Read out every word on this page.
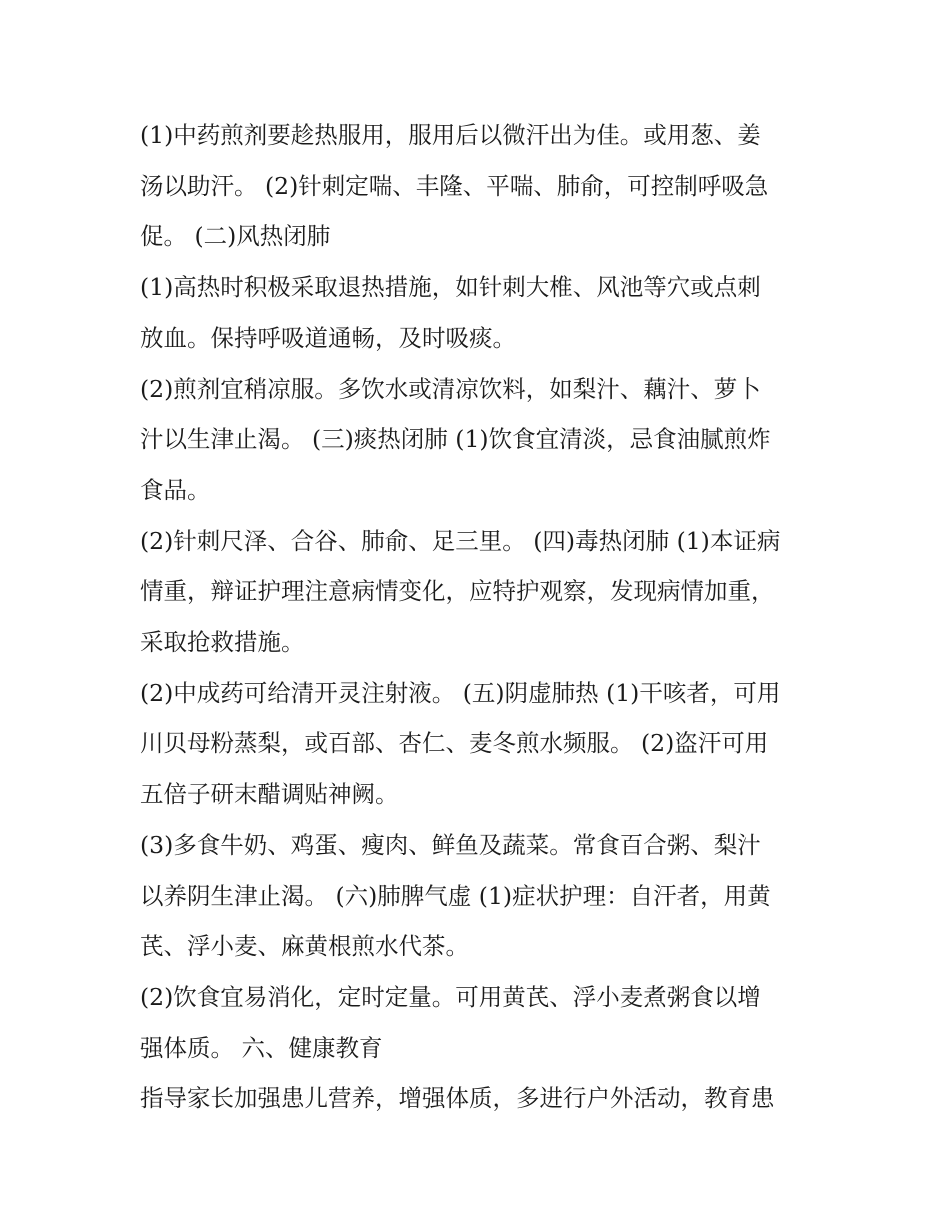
(1)中药煎剂要趁热服用，服用后以微汗出为佳。或用葱、姜
汤以助汗。 (2)针刺定喘、丰隆、平喘、肺俞，可控制呼吸急
促。 (二)风热闭肺

(1)高热时积极采取退热措施，如针刺大椎、风池等穴或点刺
放血。保持呼吸道通畅，及时吸痰。

(2)煎剂宜稍凉服。多饮水或清凉饮料，如梨汁、藕汁、萝卜
汁以生津止渴。 (三)痰热闭肺 (1)饮食宜清淡，忌食油腻煎炸
食品。

(2)针刺尺泽、合谷、肺俞、足三里。 (四)毒热闭肺 (1)本证病
情重，辩证护理注意病情变化，应特护观察，发现病情加重，
采取抢救措施。

(2)中成药可给清开灵注射液。 (五)阴虚肺热 (1)干咳者，可用
川贝母粉蒸梨，或百部、杏仁、麦冬煎水频服。 (2)盗汗可用
五倍子研末醋调贴神阙。

(3)多食牛奶、鸡蛋、瘦肉、鲜鱼及蔬菜。常食百合粥、梨汁
以养阴生津止渴。 (六)肺脾气虚 (1)症状护理：自汗者，用黄
芪、浮小麦、麻黄根煎水代茶。

(2)饮食宜易消化，定时定量。可用黄芪、浮小麦煮粥食以增
强体质。 六、健康教育

指导家长加强患儿营养，增强体质，多进行户外活动，教育患
